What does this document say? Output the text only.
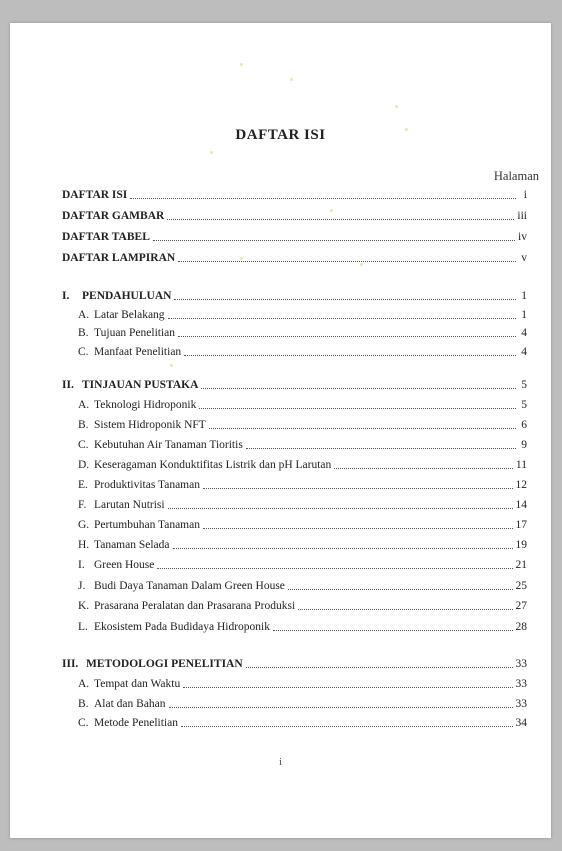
DAFTAR ISI
Halaman
DAFTAR ISI	i
DAFTAR GAMBAR	iii
DAFTAR TABEL	iv
DAFTAR LAMPIRAN	v
I.	PENDAHULUAN	1
A. Latar Belakang	1
B. Tujuan Penelitian	4
C. Manfaat Penelitian	4
II. TINJAUAN PUSTAKA	5
A. Teknologi Hidroponik	5
B. Sistem Hidroponik NFT	6
C. Kebutuhan Air Tanaman Tioritis	9
D. Keseragaman Konduktifitas Listrik dan pH Larutan	11
E. Produktivitas Tanaman	12
F. Larutan Nutrisi	14
G. Pertumbuhan Tanaman	17
H. Tanaman Selada	19
I. Green House	21
J. Budi Daya Tanaman Dalam Green House	25
K. Prasarana Peralatan dan Prasarana Produksi	27
L. Ekosistem Pada Budidaya Hidroponik	28
III. METODOLOGI PENELITIAN	33
A. Tempat dan Waktu	33
B. Alat dan Bahan	33
C. Metode Penelitian	34
i
